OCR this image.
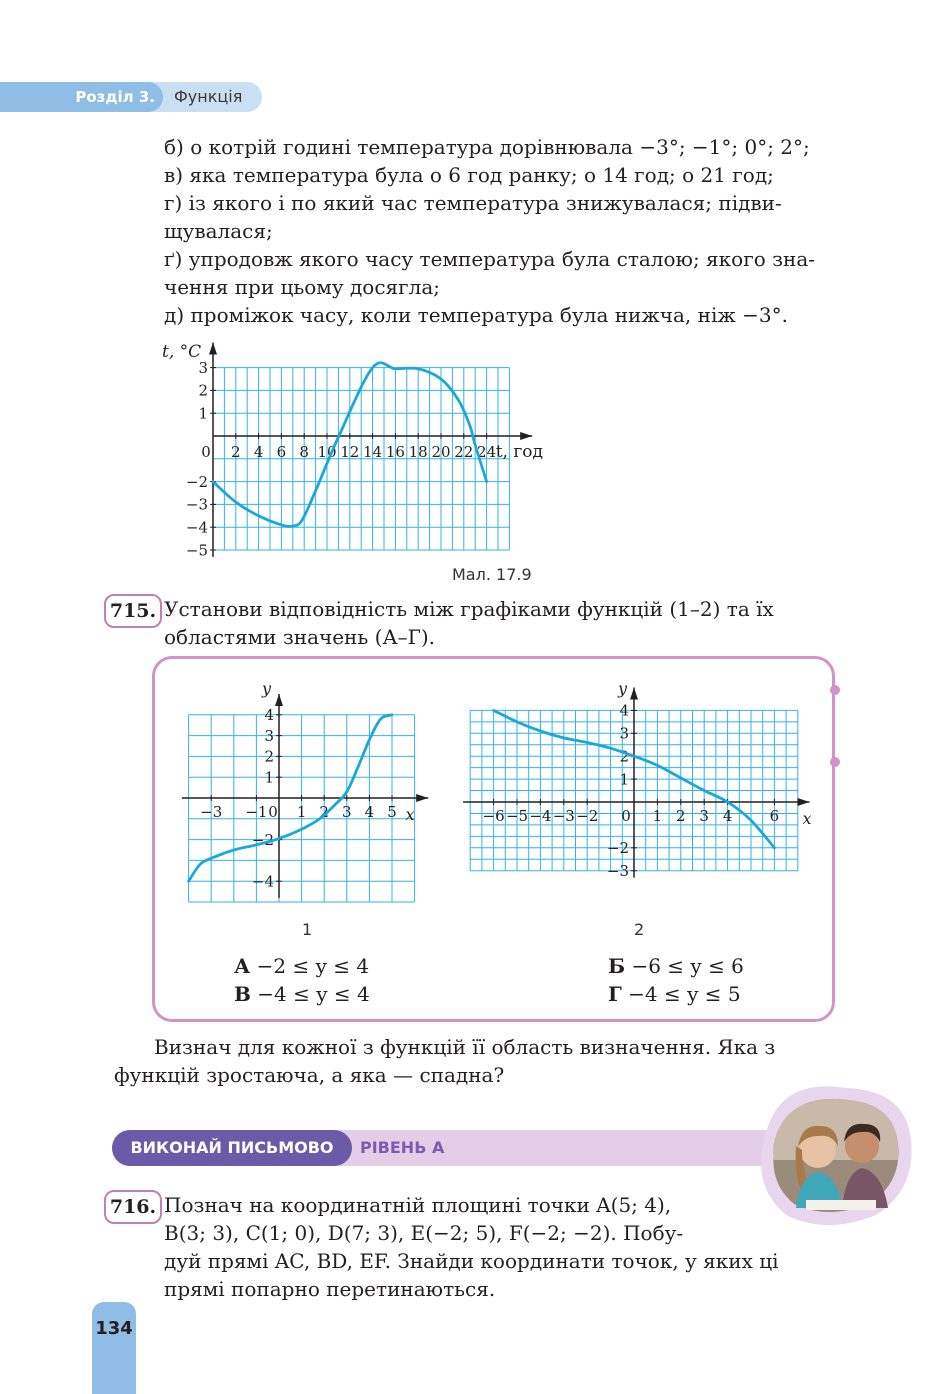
Розділ 3.	Функція

б) о котрій годині температура дорівнювала −3°; −1°; 0°; 2°;

в) яка температура була о 6 год ранку; о 14 год; о 21 год;

г) із якого і по який час температура знижувалася; підви-

щувалася;

ґ) упродовж якого часу температура була сталою; якого зна-

чення при цьому досягла;

д) проміжок часу, коли температура була нижча, ніж −3°.

0 2 4 6 8 10 12 14 16 18 20 22 24
3
2
1
−2
−3
−4
−5
t, °C
t, год
Мал. 17.9
715. Установи відповідність між графіками функцій (1–2) та їх

областями значень (А–Г).

−3 −1 0 1 2 3 4 5
4
3
2
1
−2
−4
y
x
1
−6 −5 −4 −3 −2 0 1 2 3 4 6
4
3
2
1
−2
−3
y
x
2
А −2 ≤ y ≤ 4	Б −6 ≤ y ≤ 6
В −4 ≤ y ≤ 4	Г −4 ≤ y ≤ 5

Визнач для кожної з функцій її область визначення. Яка з

функцій зростаюча, а яка — спадна?

ВИКОНАЙ ПИСЬМОВО	РІВЕНЬ А
716. Познач на координатній площині точки A(5; 4),

B(3; 3), C(1; 0), D(7; 3), E(−2; 5), F(−2; −2). Побу-

дуй прямі AC, BD, EF. Знайди координати точок, у яких ці

прямі попарно перетинаються.

134
